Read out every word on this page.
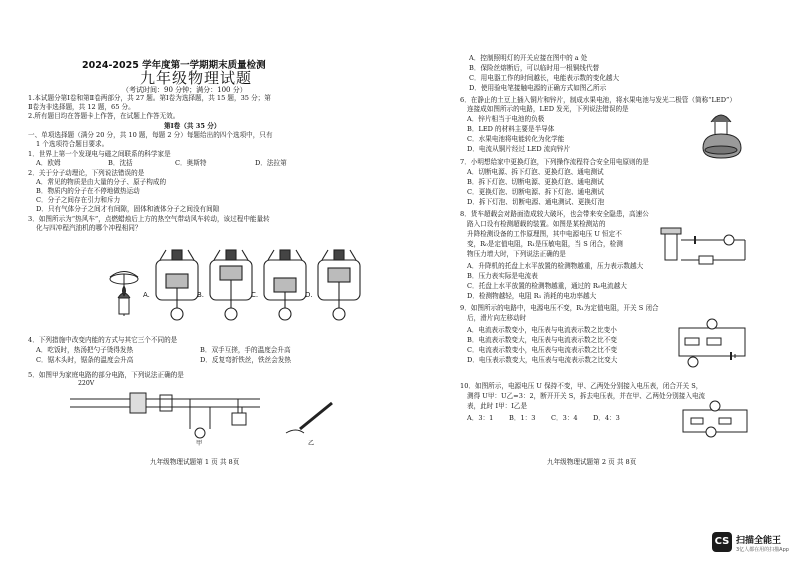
2024-2025 学年度第一学期期末质量检测
九年级物理试题
（考试时间：90 分钟；满分：100 分）
1.本试题分第Ⅰ卷和第Ⅱ卷两部分，共 27 题。第Ⅰ卷为选择题，共 15 题，35 分；第
Ⅱ卷为非选择题，共 12 题，65 分。
2.所有题目均在答题卡上作答，在试题上作答无效。
第Ⅰ卷（共 35 分）
一、单项选择题（满分 20 分，共 10 题，每题 2 分）每题给出的四个选项中，只有
1 个选项符合题目要求。
1．世界上第一个发现电与磁之间联系的科学家是
A．欧姆	B．沈括	C．奥斯特	D．法拉第
2．关于分子动理论，下列说法错误的是
A．常见的物质是由大量的分子、原子构成的
B．物质内的分子在不停地做热运动
C．分子之间存在引力和斥力
D．只有气体分子之间才有间隙，固体和液体分子之间没有间隙
3．如图所示为“热风车”，点燃蜡烛后上方的热空气带动风车转动，该过程中能量转
化与四冲程汽油机的哪个冲程相同？
A.	B.	C.	D.
4．下列措施中改变内能的方式与其它三个不同的是
A．吃饭时，热汤把勺子烫得发热	B．双手互搓，手的温度会升高
C．锯木头时，锯条的温度会升高	D．反复弯折铁丝，铁丝会发热
5．如图甲为家庭电路的部分电路，下列说法正确的是
220V
甲	乙
九年级物理试题第 1 页 共 8页
A．控制照明灯的开关应接在图中的 a 处
B．保险丝熔断后，可以临时用一根铜线代替
C．用电器工作的时间越长，电能表示数的变化越大
D．使用验电笔接触电源的正确方式如图乙所示
6．在静止的土豆上插入铜片和锌片，制成水果电池，将水果电池与发光二极管（简称“LED”）
连接成如图所示的电路，LED 发光，下列说法错误的是
A．锌片相当于电池的负极
B．LED 的材料主要是半导体
C．水果电池将电能转化为化学能
D．电流从铜片经过 LED 流向锌片
7．小明想给家中更换灯泡，下列操作流程符合安全用电原则的是
A．切断电源、拆下灯泡、更换灯泡、通电测试
B．拆下灯泡、切断电源、更换灯泡、通电测试
C．更换灯泡、切断电源、拆下灯泡、通电测试
D．拆下灯泡、切断电源、通电测试、更换灯泡
8．货车超载会对路面造成较大破坏，也会带来安全隐患，高速公
路入口设有检测超载的装置。如图是某检测站的
升降检测设备的工作原理图，其中电源电压 U 恒定不
变，R₀是定值电阻，R₁是压敏电阻，当 S 闭合，检测
物压力增大时，下列说法正确的是
A．升降机的托盘上水平放置的检测物越重，压力表示数越大
B．压力表实际是电流表
C．托盘上水平放置的检测物越重，通过的 R₀电流越大
D．检测物越轻，电阻 R₁ 消耗的电功率越大
9．如图所示的电路中，电源电压不变，R₁为定值电阻，开关 S 闭合
后，滑片向左移动时
A．电流表示数变小，电压表与电流表示数之比变小
B．电流表示数变大，电压表与电流表示数之比不变
C．电流表示数变小，电压表与电流表示数之比不变
D．电压表示数变大，电压表与电流表示数之比变大
10．如图所示，电源电压 U 保持不变，甲、乙两处分别接入电压表，闭合开关 S，
测得 U甲：U乙=3：2，断开开关 S，拆去电压表，并在甲、乙两处分别接入电流
表，此时 I甲：I乙是
A．3：1 B．1：3 C．3：4 D．4：3
九年级物理试题第 2 页 共 8页
CS 扫描全能王
3亿人都在用的扫描App
